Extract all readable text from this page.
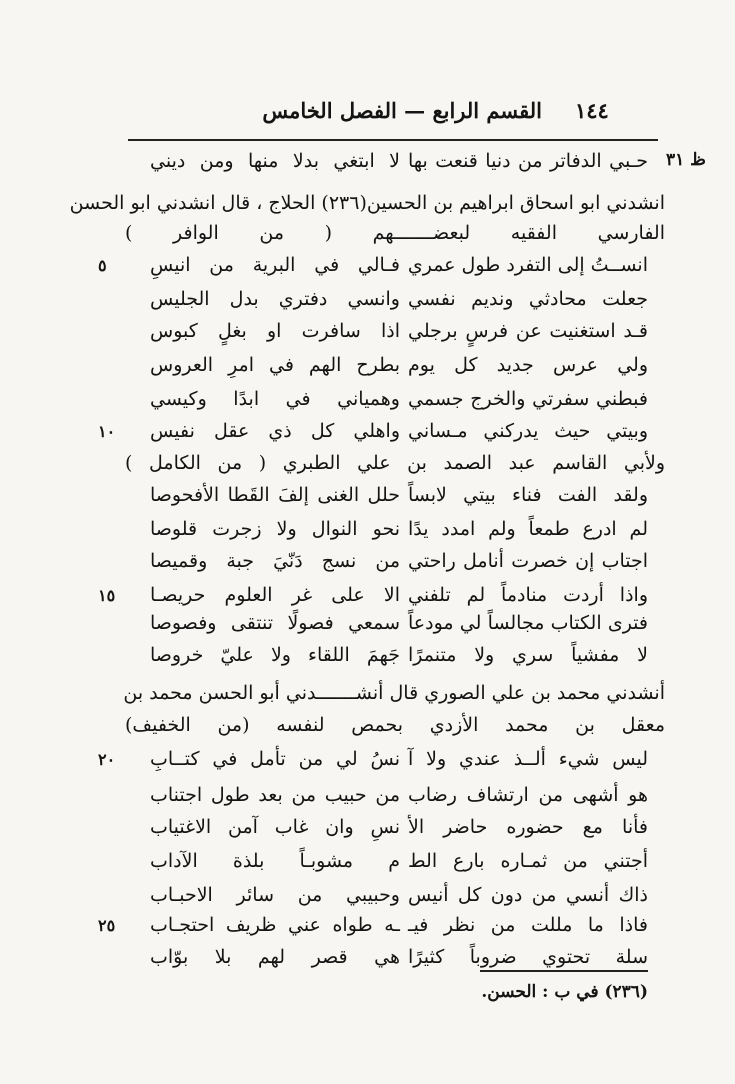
١٤٤
القسم الرابع — الفصل الخامس
ظ ٣١
حـبي الدفاتر من دنيا قنعت بها
لا ابتغي بدلا منها ومن ديني
انشدني ابو اسحاق ابراهيم بن الحسين(٢٣٦) الحلاج ، قال انشدني ابو الحسن
الفارسي الفقيه لبعضـــــــهم ( من الوافر )
انســتُ إلى التفرد طول عمري
فـالي في البرية من انيسِ
٥
جعلت محادثي ونديم نفسي
وانسي دفتري بدل الجليس
قـد استغنيت عن فرسٍ برجلي
اذا سافرت او بغلٍ كبوس
ولي عرس جديد كل يوم
بطرح الهم في امرِ العروس
فبطني سفرتي والخرج جسمي
وهمياني في ابدًا وكيسي
وبيتي حيث يدركني مـساني
واهلي كل ذي عقل نفيس
١٠
ولأبي القاسم عبد الصمد بن علي الطبري ( من الكامل )
ولقد الفت فناء بيتي لابساً
حلل الغنى إلفَ القَطا الأفحوصا
لم ادرع طمعاً ولم امدد يدًا
نحو النوال ولا زجرت قلوصا
اجتاب إن خصرت أنامل راحتي
من نسج دَنّيَ جبة وقميصا
واذا أردت منادماً لم تلفني
الا على غر العلوم حريصـا
١٥
فترى الكتاب مجالساً لي مودعاً
سمعي فصولًا تنتقى وفصوصا
لا مفشياً سري ولا متنمرًا
جَهمَ اللقاء ولا عليّ خروصا
أنشدني محمد بن علي الصوري قال أنشـــــــدني أبو الحسن محمد بن
معقل بن محمد الأزدي بحمص لنفسه (من الخفيف)
ليس شي‌ء ألــذ عندي ولا آ
نسُ لي من تأمل في كتــابِ
٢٠
هو أشهى من ارتشاف رضاب
من حبيب من بعد طول اجتناب
فأنا مع حضوره حاضر الأ
نسِ وان غاب آمن الاغتياب
أجتني من ثمـاره بارع الط
م مشوبـاً بلذة الآداب
ذاك أنسي من دون كل أنيس
وحبيبي من سائر الاحبـاب
فاذا ما مللت من نظر فيـ
ـه طواه عني ظريف احتجـاب
٢٥
سلة تحتوي ضروباً كثيرًا
هي قصر لهم بلا بوّاب
(٢٣٦) في ب : الحسن.
